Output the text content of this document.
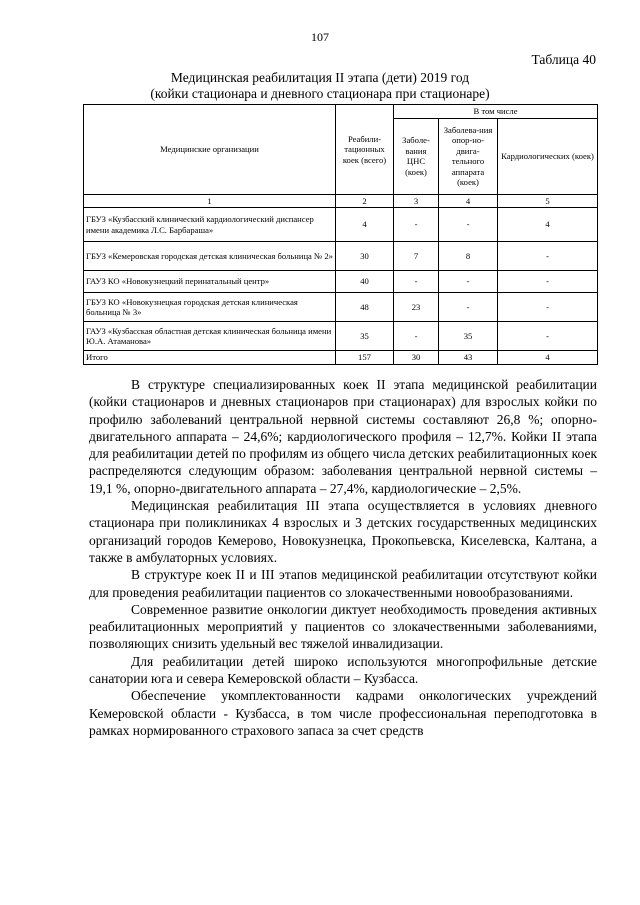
107
Таблица 40
Медицинская реабилитация II этапа (дети) 2019 год
(койки стационара и дневного стационара при стационаре)
Медицинские организации	Реабили-тационных коек (всего)	В том числе		
		Заболе-вания ЦНС (коек)	Заболева-ния опор-но-двига-тельного аппарата (коек)	Кардиологических (коек)
1	2	3	4	5
ГБУЗ «Кузбасский клинический кардиологический диспансер имени академика Л.С. Барбараша»	4	-	-	4
ГБУЗ «Кемеровская городская детская клиническая больница № 2»	30	7	8	-
ГАУЗ КО «Новокузнецкий перинатальный центр»	40	-	-	-
ГБУЗ КО «Новокузнецкая городская детская клиническая больница № 3»	48	23	-	-
ГАУЗ «Кузбасская областная детская клиническая больница имени Ю.А. Атаманова»	35	-	35	-
Итого	157	30	43	4

В структуре специализированных коек II этапа медицинской реабилитации (койки стационаров и дневных стационаров при стационарах) для взрослых койки по профилю заболеваний центральной нервной системы составляют 26,8 %; опорно-двигательного аппарата – 24,6%; кардиологического профиля – 12,7%. Койки II этапа для реабилитации детей по профилям из общего числа детских реабилитационных коек распределяются следующим образом: заболевания центральной нервной системы – 19,1 %, опорно-двигательного аппарата – 27,4%, кардиологические – 2,5%.

Медицинская реабилитация III этапа осуществляется в условиях дневного стационара при поликлиниках 4 взрослых и 3 детских государственных медицинских организаций городов Кемерово, Новокузнецка, Прокопьевска, Киселевска, Калтана, а также в амбулаторных условиях.

В структуре коек II и III этапов медицинской реабилитации отсутствуют койки для проведения реабилитации пациентов со злокачественными новообразованиями.

Современное развитие онкологии диктует необходимость проведения активных реабилитационных мероприятий у пациентов со злокачественными заболеваниями, позволяющих снизить удельный вес тяжелой инвалидизации.

Для реабилитации детей широко используются многопрофильные детские санатории юга и севера Кемеровской области – Кузбасса.

Обеспечение укомплектованности кадрами онкологических учреждений Кемеровской области - Кузбасса, в том числе профессиональная переподготовка в рамках нормированного страхового запаса за счет средств
